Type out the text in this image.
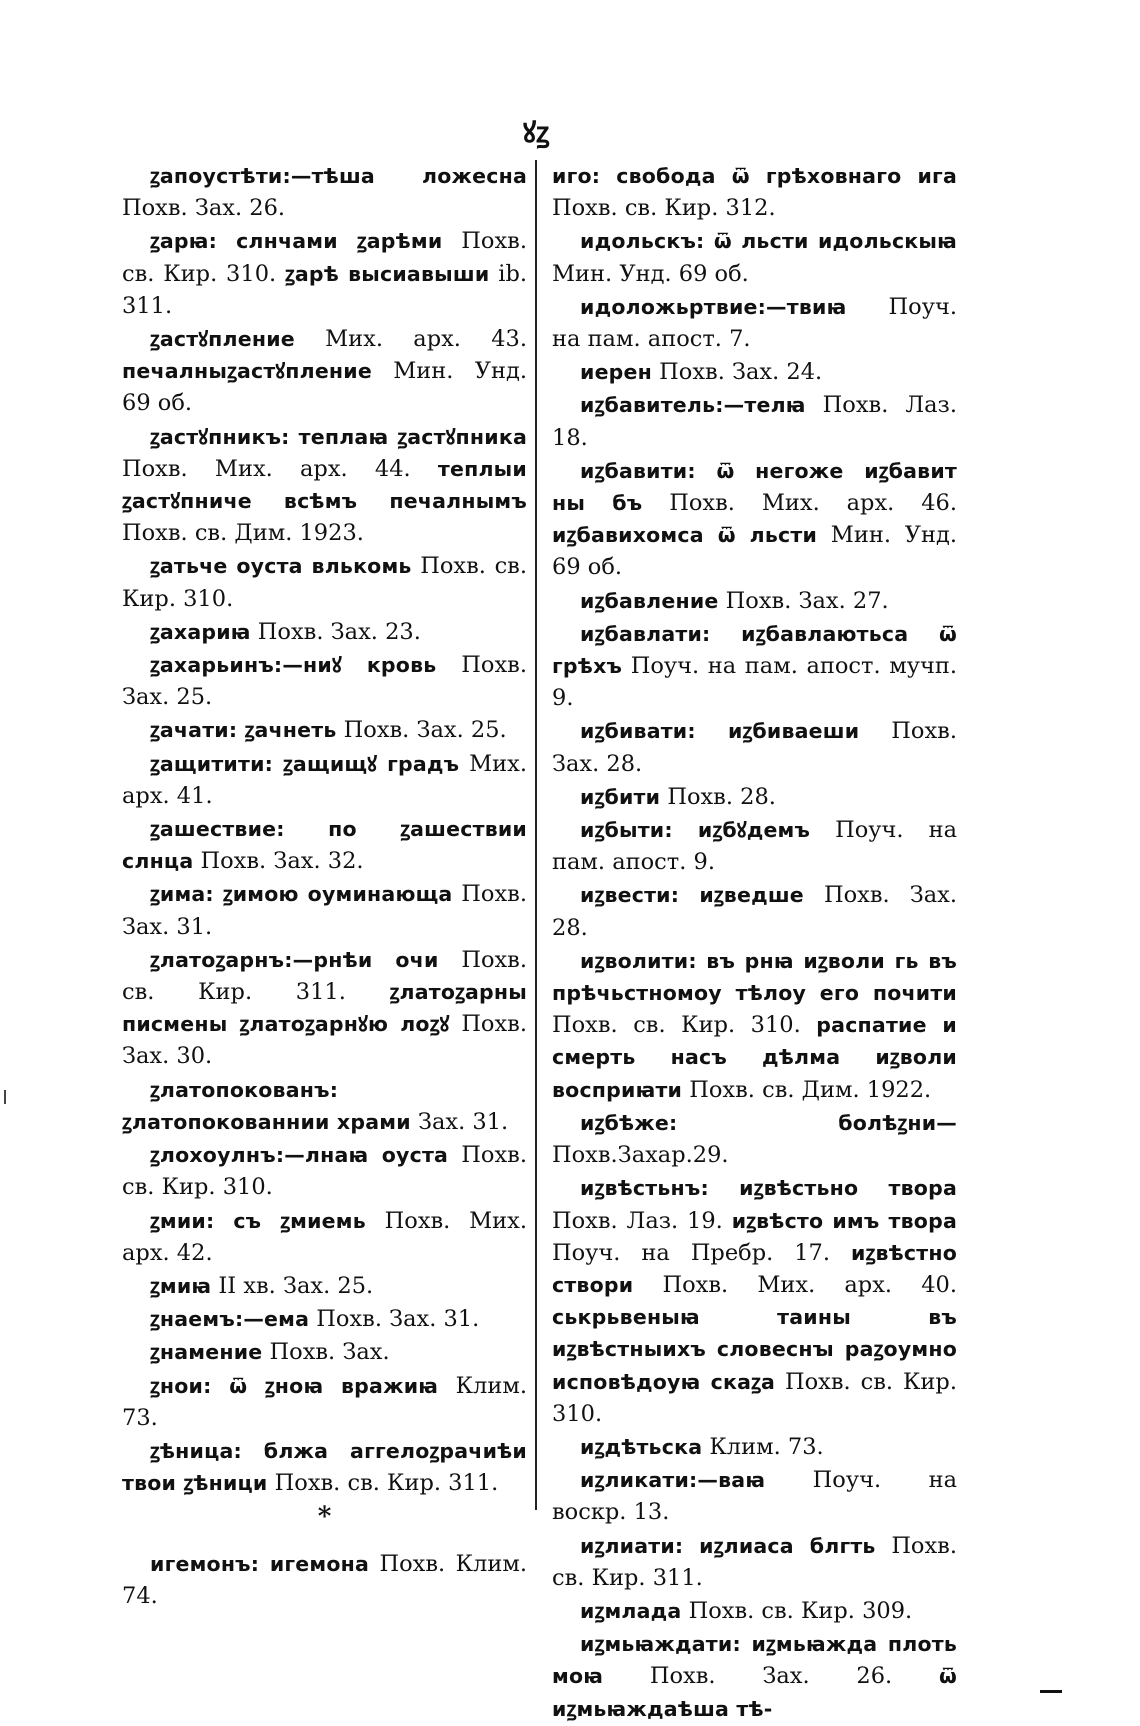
ꙋꙁ

ꙁапоустѣти:—тѣша ложесна Похв. Зах. 26.

ꙁарꙗ: слнчами ꙁарѣми Похв. св. Кир. 310. ꙁарѣ высиавыши ib. 311.

ꙁастꙋпление Мих. арх. 43. печалныꙁастꙋпление Мин. Унд. 69 об.

ꙁастꙋпникъ: теплаꙗ ꙁастꙋпника Похв. Мих. арх. 44. теплыи ꙁастꙋпниче всѣмъ печалнымъ Похв. св. Дим. 1923.

ꙁатьче оуста влькомь Похв. св. Кир. 310.

ꙁахариꙗ Похв. Зах. 23.

ꙁахарьинъ:—ниꙋ кровь Похв. Зах. 25.

ꙁачати: ꙁачнеть Похв. Зах. 25.

ꙁащитити: ꙁащищꙋ градъ Мих. арх. 41.

ꙁашествие: по ꙁашествии слнца Похв. Зах. 32.

ꙁима: ꙁимою оуминающа Похв. Зах. 31.

ꙁлатоꙁарнъ:—рнѣи очи Похв. св. Кир. 311. ꙁлатоꙁарны писмены ꙁлатоꙁарнꙋю лоꙁꙋ Похв. Зах. 30.

ꙁлатопокованъ: ꙁлатопокованнии храми Зах. 31.

ꙁлохоулнъ:—лнаꙗ оуста Похв. св. Кир. 310.

ꙁмии: съ ꙁмиемь Похв. Мих. арх. 42.

ꙁмиꙗ II хв. Зах. 25.

ꙁнаемъ:—ема Похв. Зах. 31.

ꙁнамение Похв. Зах.

ꙁнои: ѿ ꙁноꙗ вражиꙗ Клим. 73.

ꙁѣница: блжа аггелоꙁрачиѣи твои ꙁѣници Похв. св. Кир. 311.

*

игемонъ: игемона Похв. Клим. 74.

иго: свобода ѿ грѣховнаго ига Похв. св. Кир. 312.

идольскъ: ѿ льсти идольскыꙗ Мин. Унд. 69 об.

идоложьртвие:—твиꙗ Поуч. на пам. апост. 7.

иерен Похв. Зах. 24.

иꙁбавитель:—телꙗ Похв. Лаз. 18.

иꙁбавити: ѿ негоже иꙁбавит ны бъ Похв. Мих. арх. 46. иꙁбавихомса ѿ льсти Мин. Унд. 69 об.

иꙁбавление Похв. Зах. 27.

иꙁбавлати: иꙁбавлаютьса ѿ грѣхъ Поуч. на пам. апост. мучп. 9.

иꙁбивати: иꙁбиваеши Похв. Зах. 28.

иꙁбити Похв. 28.

иꙁбыти: иꙁбꙋдемъ Поуч. на пам. апост. 9.

иꙁвести: иꙁведше Похв. Зах. 28.

иꙁволити: въ рнꙗ иꙁволи гь въ прѣчьстномоу тѣлоу его почити Похв. св. Кир. 310. распатие и смерть насъ дѣлма иꙁволи восприꙗти Похв. св. Дим. 1922.

иꙁбѣже: болѣꙁни—Похв.Захар.29.

иꙁвѣстьнъ: иꙁвѣстьно твора Похв. Лаз. 19. иꙁвѣсто имъ твора Поуч. на Пребр. 17. иꙁвѣстно створи Похв. Мих. арх. 40. ськрьвеныꙗ таины въ иꙁвѣстныихъ словеснꙑ раꙁоумно исповѣдоуꙗ скаꙁа Похв. св. Кир. 310.

иꙁдѣтьска Клим. 73.

иꙁликати:—ваꙗ Поуч. на воскр. 13.

иꙁлиати: иꙁлиаса блгть Похв. св. Кир. 311.

иꙁмлада Похв. св. Кир. 309.

иꙁмьꙗждати: иꙁмьꙗжда плоть моꙗ Похв. Зах. 26. ѿ иꙁмьꙗждаѣша тѣ-
